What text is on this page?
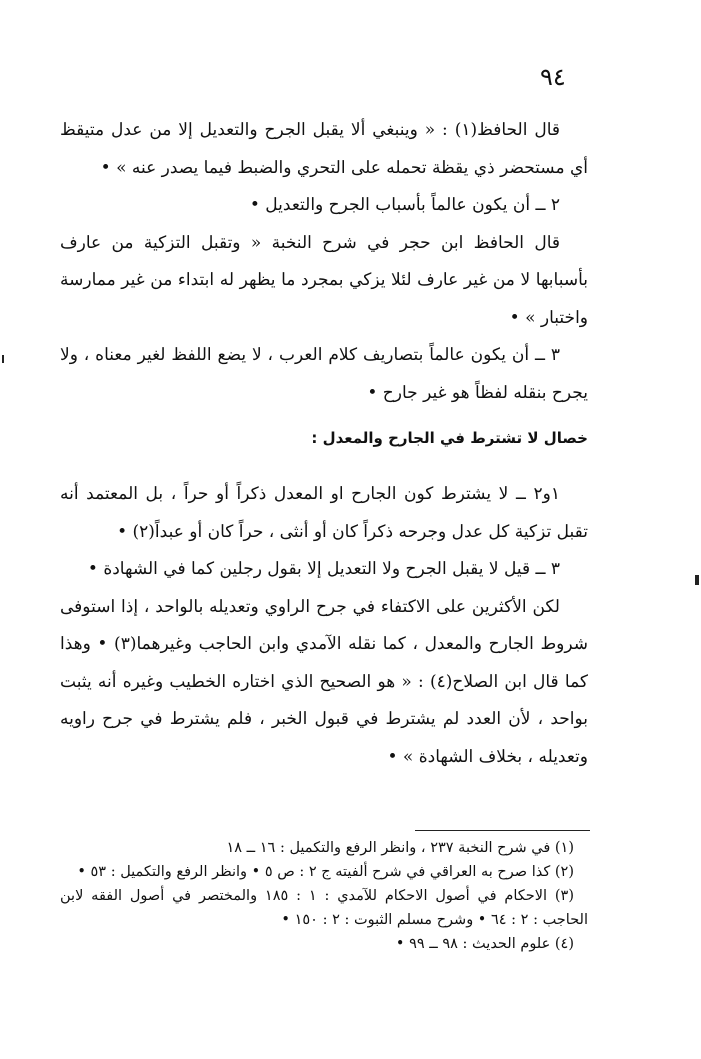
٩٤

قال الحافظ(١) : « وينبغي ألا يقبل الجرح والتعديل إلا من عدل متيقظ أي مستحضر ذي يقظة تحمله على التحري والضبط فيما يصدر عنه » •

٢ ــ أن يكون عالماً بأسباب الجرح والتعديل •

قال الحافظ ابن حجر في شرح النخبة « وتقبل التزكية من عارف بأسبابها لا من غير عارف لئلا يزكي بمجرد ما يظهر له ابتداء من غير ممارسة واختبار » •

٣ ــ أن يكون عالماً بتصاريف كلام العرب ، لا يضع اللفظ لغير معناه ، ولا يجرح بنقله لفظاً هو غير جارح •

خصال لا تشترط في الجارح والمعدل :

١و٢ ــ لا يشترط كون الجارح او المعدل ذكراً أو حراً ، بل المعتمد أنه تقبل تزكية كل عدل وجرحه ذكراً كان أو أنثى ، حراً كان أو عبداً(٢) •

٣ ــ قيل لا يقبل الجرح ولا التعديل إلا بقول رجلين كما في الشهادة •

لكن الأكثرين على الاكتفاء في جرح الراوي وتعديله بالواحد ، إذا استوفى شروط الجارح والمعدل ، كما نقله الآمدي وابن الحاجب وغيرهما(٣) • وهذا كما قال ابن الصلاح(٤) : « هو الصحيح الذي اختاره الخطيب وغيره أنه يثبت بواحد ، لأن العدد لم يشترط في قبول الخبر ، فلم يشترط في جرح راويه وتعديله ، بخلاف الشهادة » •

(١) في شرح النخبة ٢٣٧ ، وانظر الرفع والتكميل : ١٦ ــ ١٨

(٢) كذا صرح به العراقي في شرح ألفيته ج ٢ : ص ٥ • وانظر الرفع والتكميل : ٥٣ •

(٣) الاحكام في أصول الاحكام للآمدي : ١ : ١٨٥ والمختصر في أصول الفقه لابن الحاجب : ٢ : ٦٤ • وشرح مسلم الثبوت : ٢ : ١٥٠ •

(٤) علوم الحديث : ٩٨ ــ ٩٩ •
